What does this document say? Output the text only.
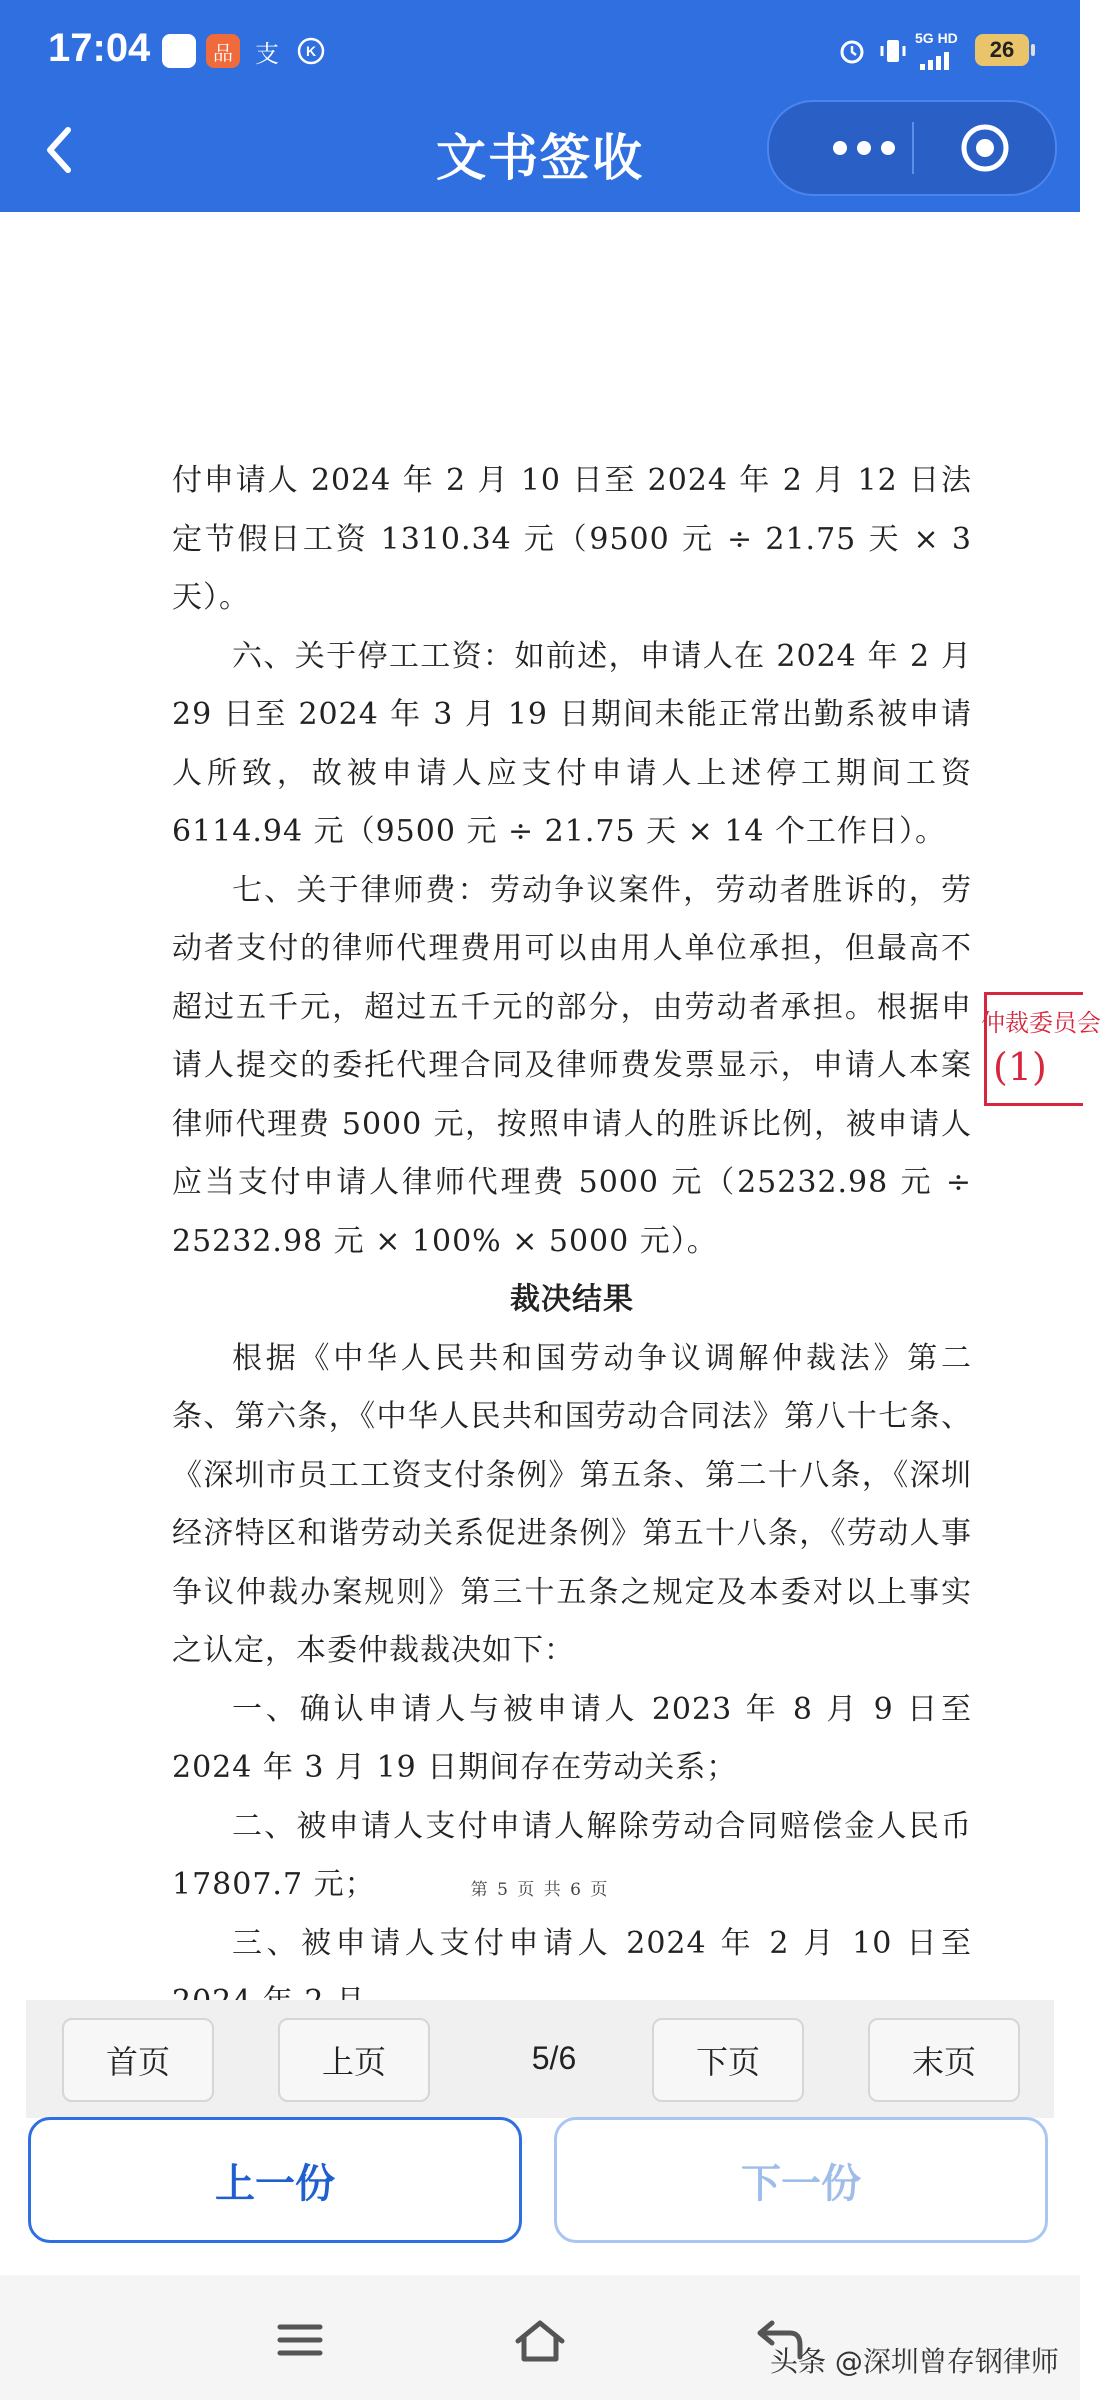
17:04	品 支	K
5G HD	26
文书签收

付申请人 2024 年 2 月 10 日至 2024 年 2 月 12 日法定节假日工资 1310.34 元（9500 元 ÷ 21.75 天 × 3 天）。

六、关于停工工资：如前述，申请人在 2024 年 2 月 29 日至 2024 年 3 月 19 日期间未能正常出勤系被申请人所致，故被申请人应支付申请人上述停工期间工资 6114.94 元（9500 元 ÷ 21.75 天 × 14 个工作日）。

七、关于律师费：劳动争议案件，劳动者胜诉的，劳动者支付的律师代理费用可以由用人单位承担，但最高不超过五千元，超过五千元的部分，由劳动者承担。根据申请人提交的委托代理合同及律师费发票显示，申请人本案律师代理费 5000 元，按照申请人的胜诉比例，被申请人应当支付申请人律师代理费 5000 元（25232.98 元 ÷ 25232.98 元 × 100% × 5000 元）。

裁决结果

根据《中华人民共和国劳动争议调解仲裁法》第二条、第六条，《中华人民共和国劳动合同法》第八十七条、《深圳市员工工资支付条例》第五条、第二十八条，《深圳经济特区和谐劳动关系促进条例》第五十八条，《劳动人事争议仲裁办案规则》第三十五条之规定及本委对以上事实之认定，本委仲裁裁决如下：

一、确认申请人与被申请人 2023 年 8 月 9 日至 2024 年 3 月 19 日期间存在劳动关系；

二、被申请人支付申请人解除劳动合同赔偿金人民币 17807.7 元；

三、被申请人支付申请人 2024 年 2 月 10 日至

仲裁委员会
(1)
第 5 页 共 6 页
首页	上页	5/6	下页	末页
上一份	下一份
头条 @深圳曾存钢律师
